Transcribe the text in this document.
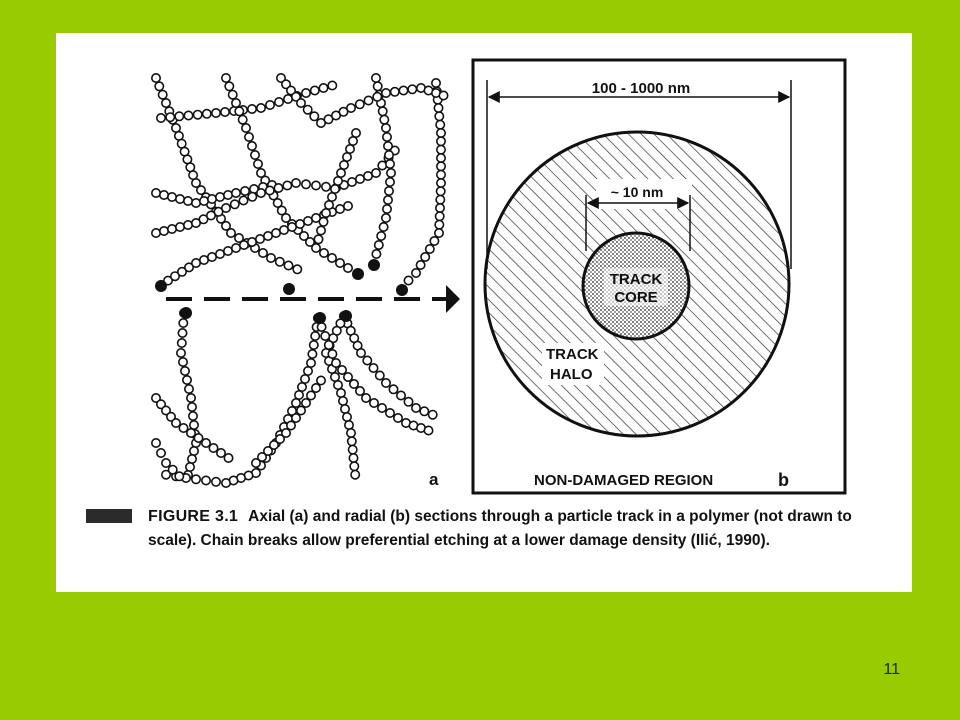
a
100 - 1000 nm
~ 10 nm
TRACK
CORE
TRACK
HALO
NON-DAMAGED REGION	b
FIGURE 3.1 Axial (a) and radial (b) sections through a particle track in a polymer (not drawn to scale). Chain breaks allow preferential etching at a lower damage density (Ilić, 1990).
11
